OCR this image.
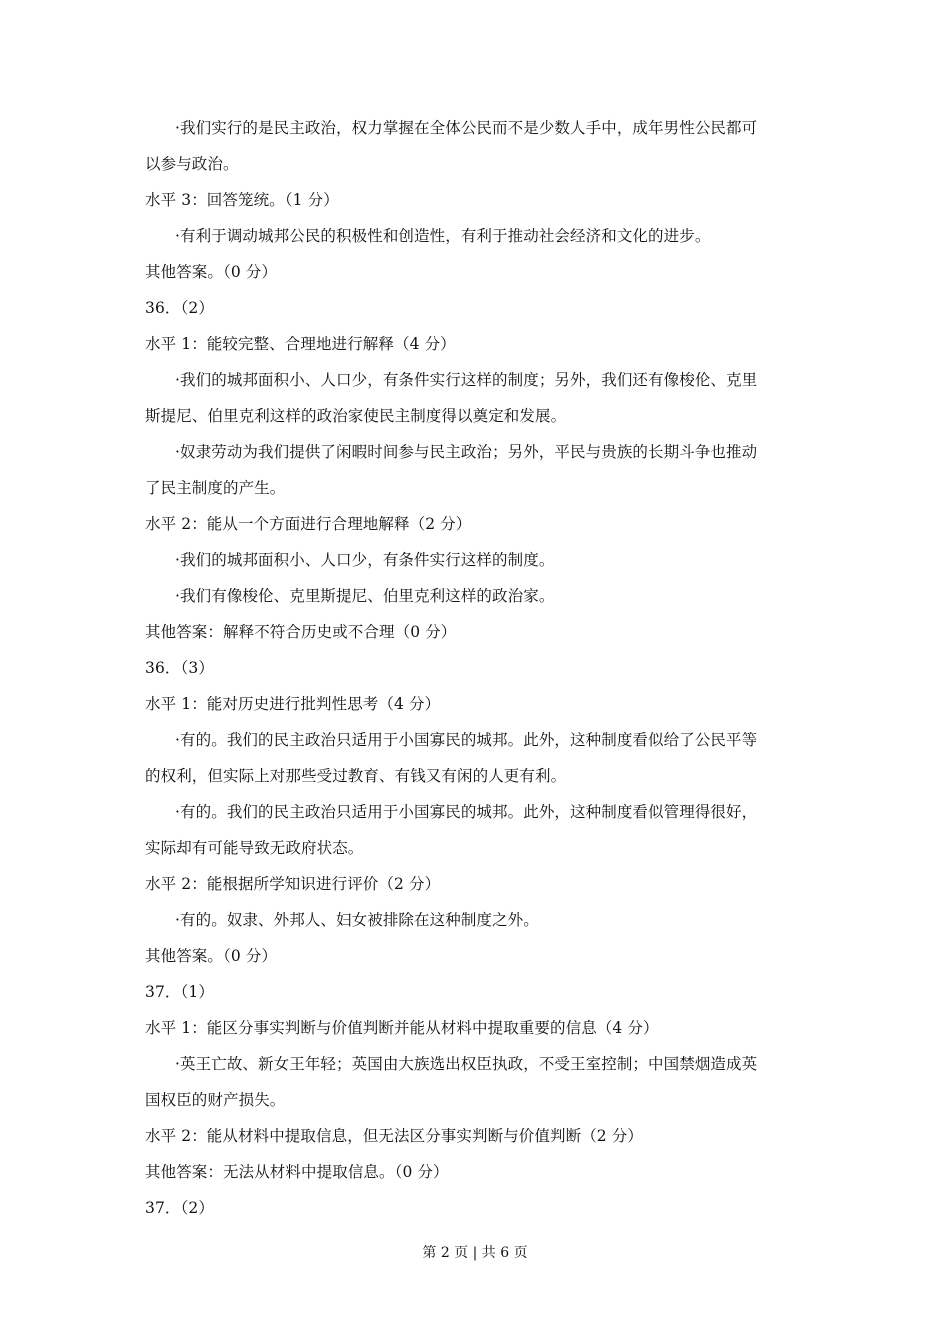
·我们实行的是民主政治，权力掌握在全体公民而不是少数人手中，成年男性公民都可
以参与政治。
水平 3：回答笼统。（1 分）
·有利于调动城邦公民的积极性和创造性，有利于推动社会经济和文化的进步。
其他答案。（0 分）
36．（2）
水平 1：能较完整、合理地进行解释（4 分）
·我们的城邦面积小、人口少，有条件实行这样的制度；另外，我们还有像梭伦、克里
斯提尼、伯里克利这样的政治家使民主制度得以奠定和发展。
·奴隶劳动为我们提供了闲暇时间参与民主政治；另外，平民与贵族的长期斗争也推动
了民主制度的产生。
水平 2：能从一个方面进行合理地解释（2 分）
·我们的城邦面积小、人口少，有条件实行这样的制度。
·我们有像梭伦、克里斯提尼、伯里克利这样的政治家。
其他答案：解释不符合历史或不合理（0 分）
36．（3）
水平 1：能对历史进行批判性思考（4 分）
·有的。我们的民主政治只适用于小国寡民的城邦。此外，这种制度看似给了公民平等
的权利，但实际上对那些受过教育、有钱又有闲的人更有利。
·有的。我们的民主政治只适用于小国寡民的城邦。此外，这种制度看似管理得很好，
实际却有可能导致无政府状态。
水平 2：能根据所学知识进行评价（2 分）
·有的。奴隶、外邦人、妇女被排除在这种制度之外。
其他答案。（0 分）
37．（1）
水平 1：能区分事实判断与价值判断并能从材料中提取重要的信息（4 分）
·英王亡故、新女王年轻；英国由大族选出权臣执政，不受王室控制；中国禁烟造成英
国权臣的财产损失。
水平 2：能从材料中提取信息，但无法区分事实判断与价值判断（2 分）
其他答案：无法从材料中提取信息。（0 分）
37．（2）
第 2 页 | 共 6 页
